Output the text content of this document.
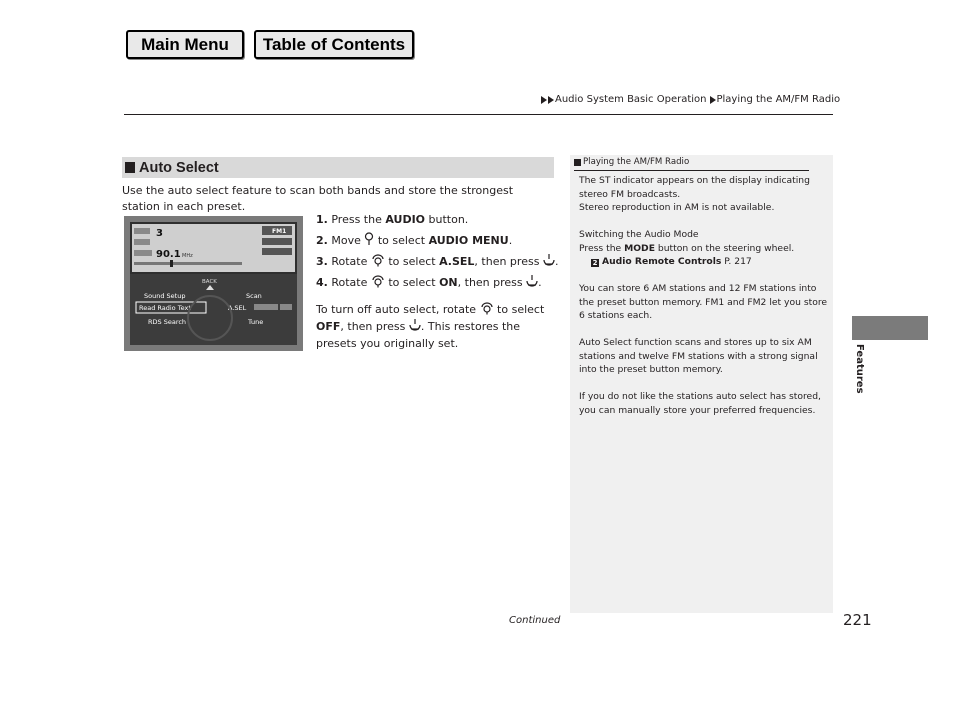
Main Menu	Table of Contents
Audio System Basic Operation Playing the AM/FM Radio
Features
Auto Select
Use the auto select feature to scan both bands and store the strongest station in each preset.
3
90.1 MHz
FM1
BACK
Sound Setup	Scan
Read Radio Text	A.SEL
RDS Search	Tune
1. Press the AUDIO button.
2. Move  to select AUDIO MENU.
3. Rotate  to select A.SEL, then press .
4. Rotate  to select ON, then press .
To turn off auto select, rotate  to select OFF, then press . This restores the presets you originally set.
Playing the AM/FM Radio

The ST indicator appears on the display indicating stereo FM broadcasts.

Stereo reproduction in AM is not available.

Switching the Audio Mode

Press the MODE button on the steering wheel.

2 Audio Remote Controls P. 217

You can store 6 AM stations and 12 FM stations into the preset button memory. FM1 and FM2 let you store 6 stations each.

Auto Select function scans and stores up to six AM stations and twelve FM stations with a strong signal into the preset button memory.

If you do not like the stations auto select has stored, you can manually store your preferred frequencies.

Continued	221
